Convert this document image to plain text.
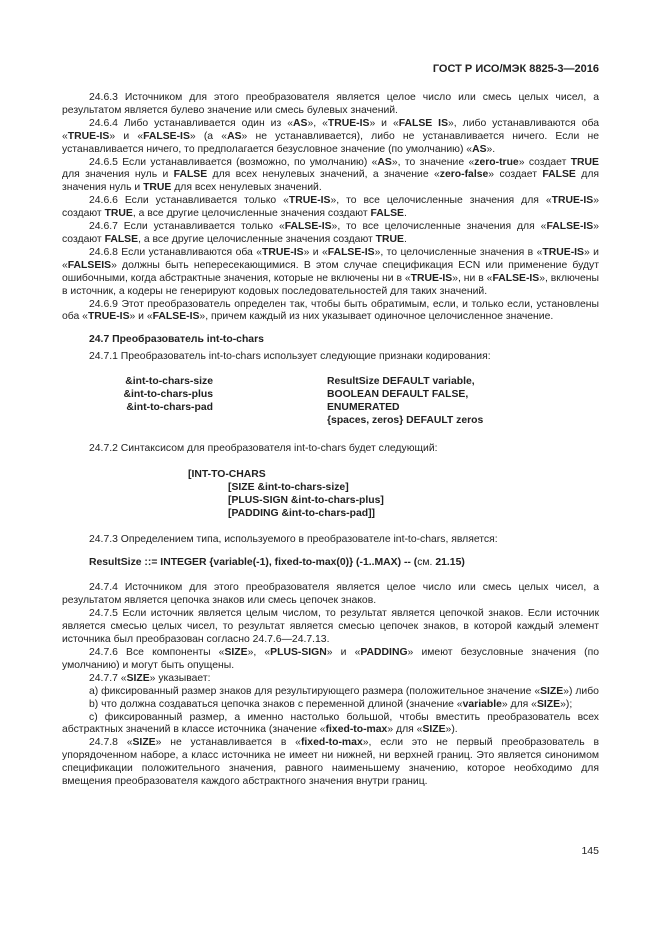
ГОСТ Р ИСО/МЭК 8825-3—2016

24.6.3 Источником для этого преобразователя является целое число или смесь целых чисел, а результатом является булево значение или смесь булевых значений.

24.6.4 Либо устанавливается один из «AS», «TRUE-IS» и «FALSE IS», либо устанавливаются оба «TRUE-IS» и «FALSE-IS» (а «AS» не устанавливается), либо не устанавливается ничего. Если не устанавливается ничего, то предполагается безусловное значение (по умолчанию) «AS».

24.6.5 Если устанавливается (возможно, по умолчанию) «AS», то значение «zero-true» создает TRUE для значения нуль и FALSE для всех ненулевых значений, а значение «zero-false» создает FALSE для значения нуль и TRUE для всех ненулевых значений.

24.6.6 Если устанавливается только «TRUE-IS», то все целочисленные значения для «TRUE-IS» создают TRUE, а все другие целочисленные значения создают FALSE.

24.6.7 Если устанавливается только «FALSE-IS», то все целочисленные значения для «FALSE-IS» создают FALSE, а все другие целочисленные значения создают TRUE.

24.6.8 Если устанавливаются оба «TRUE-IS» и «FALSE-IS», то целочисленные значения в «TRUE-IS» и «FALSEIS» должны быть непересекающимися. В этом случае спецификация ECN или применение будут ошибочными, когда абстрактные значения, которые не включены ни в «TRUE-IS», ни в «FALSE-IS», включены в источник, а кодеры не генерируют кодовых последовательностей для таких значений.

24.6.9 Этот преобразователь определен так, чтобы быть обратимым, если, и только если, установлены оба «TRUE-IS» и «FALSE-IS», причем каждый из них указывает одиночное целочисленное значение.

24.7 Преобразователь int-to-chars

24.7.1 Преобразователь int-to-chars использует следующие признаки кодирования:

&int-to-chars-size	ResultSize DEFAULT variable,
&int-to-chars-plus	BOOLEAN DEFAULT FALSE,
&int-to-chars-pad	ENUMERATED
{spaces, zeros} DEFAULT zeros

24.7.2 Синтаксисом для преобразователя int-to-chars будет следующий:

[INT-TO-CHARS
[SIZE &int-to-chars-size]
[PLUS-SIGN &int-to-chars-plus]
[PADDING &int-to-chars-pad]]

24.7.3 Определением типа, используемого в преобразователе int-to-chars, является:

ResultSize ::= INTEGER {variable(-1), fixed-to-max(0)} (-1..MAX) -- (см. 21.15)

24.7.4 Источником для этого преобразователя является целое число или смесь целых чисел, а результатом является цепочка знаков или смесь цепочек знаков.

24.7.5 Если источник является целым числом, то результат является цепочкой знаков. Если источник является смесью целых чисел, то результат является смесью цепочек знаков, в которой каждый элемент источника был преобразован согласно 24.7.6—24.7.13.

24.7.6 Все компоненты «SIZE», «PLUS-SIGN» и «PADDING» имеют безусловные значения (по умолчанию) и могут быть опущены.

24.7.7 «SIZE» указывает:

а) фиксированный размер знаков для результирующего размера (положительное значение «SIZE») либо

b) что должна создаваться цепочка знаков с переменной длиной (значение «variable» для «SIZE»);

с) фиксированный размер, а именно настолько большой, чтобы вместить преобразователь всех абстрактных значений в классе источника (значение «fixed-to-max» для «SIZE»).

24.7.8 «SIZE» не устанавливается в «fixed-to-max», если это не первый преобразователь в упорядоченном наборе, а класс источника не имеет ни нижней, ни верхней границ. Это является синонимом спецификации положительного значения, равного наименьшему значению, которое необходимо для вмещения преобразователя каждого абстрактного значения внутри границ.

145
